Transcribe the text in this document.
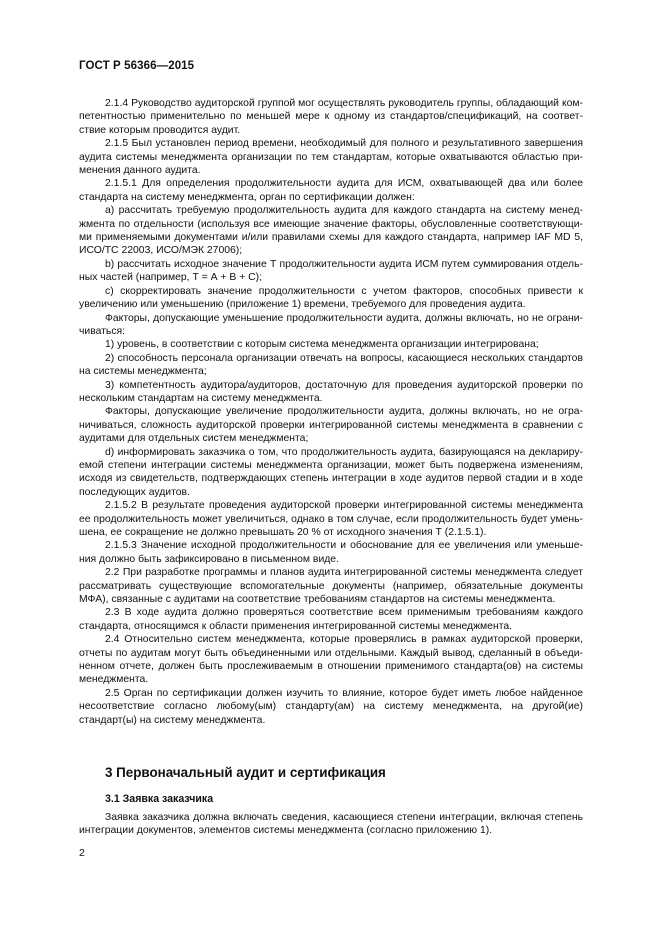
ГОСТ Р 56366—2015

2.1.4 Руководство аудиторской группой мог осуществлять руководитель группы, обладающий компетентностью применительно по меньшей мере к одному из стандартов/спецификаций, на соответствие которым проводится аудит.

2.1.5 Был установлен период времени, необходимый для полного и результативного завершения аудита системы менеджмента организации по тем стандартам, которые охватываются областью применения данного аудита.

2.1.5.1 Для определения продолжительности аудита для ИСМ, охватывающей два или более стандарта на систему менеджмента, орган по сертификации должен:

a) рассчитать требуемую продолжительность аудита для каждого стандарта на систему менеджмента по отдельности (используя все имеющие значение факторы, обусловленные соответствующими применяемыми документами и/или правилами схемы для каждого стандарта, например IAF MD 5, ИСО/ТС 22003, ИСО/МЭК 27006);

b) рассчитать исходное значение Т продолжительности аудита ИСМ путем суммирования отдельных частей (например, Т = А + В + С);

c) скорректировать значение продолжительности с учетом факторов, способных привести к увеличению или уменьшению (приложение 1) времени, требуемого для проведения аудита.

Факторы, допускающие уменьшение продолжительности аудита, должны включать, но не ограничиваться:

1) уровень, в соответствии с которым система менеджмента организации интегрирована;

2) способность персонала организации отвечать на вопросы, касающиеся нескольких стандартов на системы менеджмента;

3) компетентность аудитора/аудиторов, достаточную для проведения аудиторской проверки по нескольким стандартам на систему менеджмента.

Факторы, допускающие увеличение продолжительности аудита, должны включать, но не ограничиваться, сложность аудиторской проверки интегрированной системы менеджмента в сравнении с аудитами для отдельных систем менеджмента;

d) информировать заказчика о том, что продолжительность аудита, базирующаяся на декларируемой степени интеграции системы менеджмента организации, может быть подвержена изменениям, исходя из свидетельств, подтверждающих степень интеграции в ходе аудитов первой стадии и в ходе последующих аудитов.

2.1.5.2 В результате проведения аудиторской проверки интегрированной системы менеджмента ее продолжительность может увеличиться, однако в том случае, если продолжительность будет уменьшена, ее сокращение не должно превышать 20 % от исходного значения Т (2.1.5.1).

2.1.5.3 Значение исходной продолжительности и обоснование для ее увеличения или уменьшения должно быть зафиксировано в письменном виде.

2.2 При разработке программы и планов аудита интегрированной системы менеджмента следует рассматривать существующие вспомогательные документы (например, обязательные документы МФА), связанные с аудитами на соответствие требованиям стандартов на системы менеджмента.

2.3 В ходе аудита должно проверяться соответствие всем применимым требованиям каждого стандарта, относящимся к области применения интегрированной системы менеджмента.

2.4 Относительно систем менеджмента, которые проверялись в рамках аудиторской проверки, отчеты по аудитам могут быть объединенными или отдельными. Каждый вывод, сделанный в объединенном отчете, должен быть прослеживаемым в отношении применимого стандарта(ов) на системы менеджмента.

2.5 Орган по сертификации должен изучить то влияние, которое будет иметь любое найденное несоответствие согласно любому(ым) стандарту(ам) на систему менеджмента, на другой(ие) стандарт(ы) на систему менеджмента.

3 Первоначальный аудит и сертификация
3.1 Заявка заказчика

Заявка заказчика должна включать сведения, касающиеся степени интеграции, включая степень интеграции документов, элементов системы менеджмента (согласно приложению 1).

2
